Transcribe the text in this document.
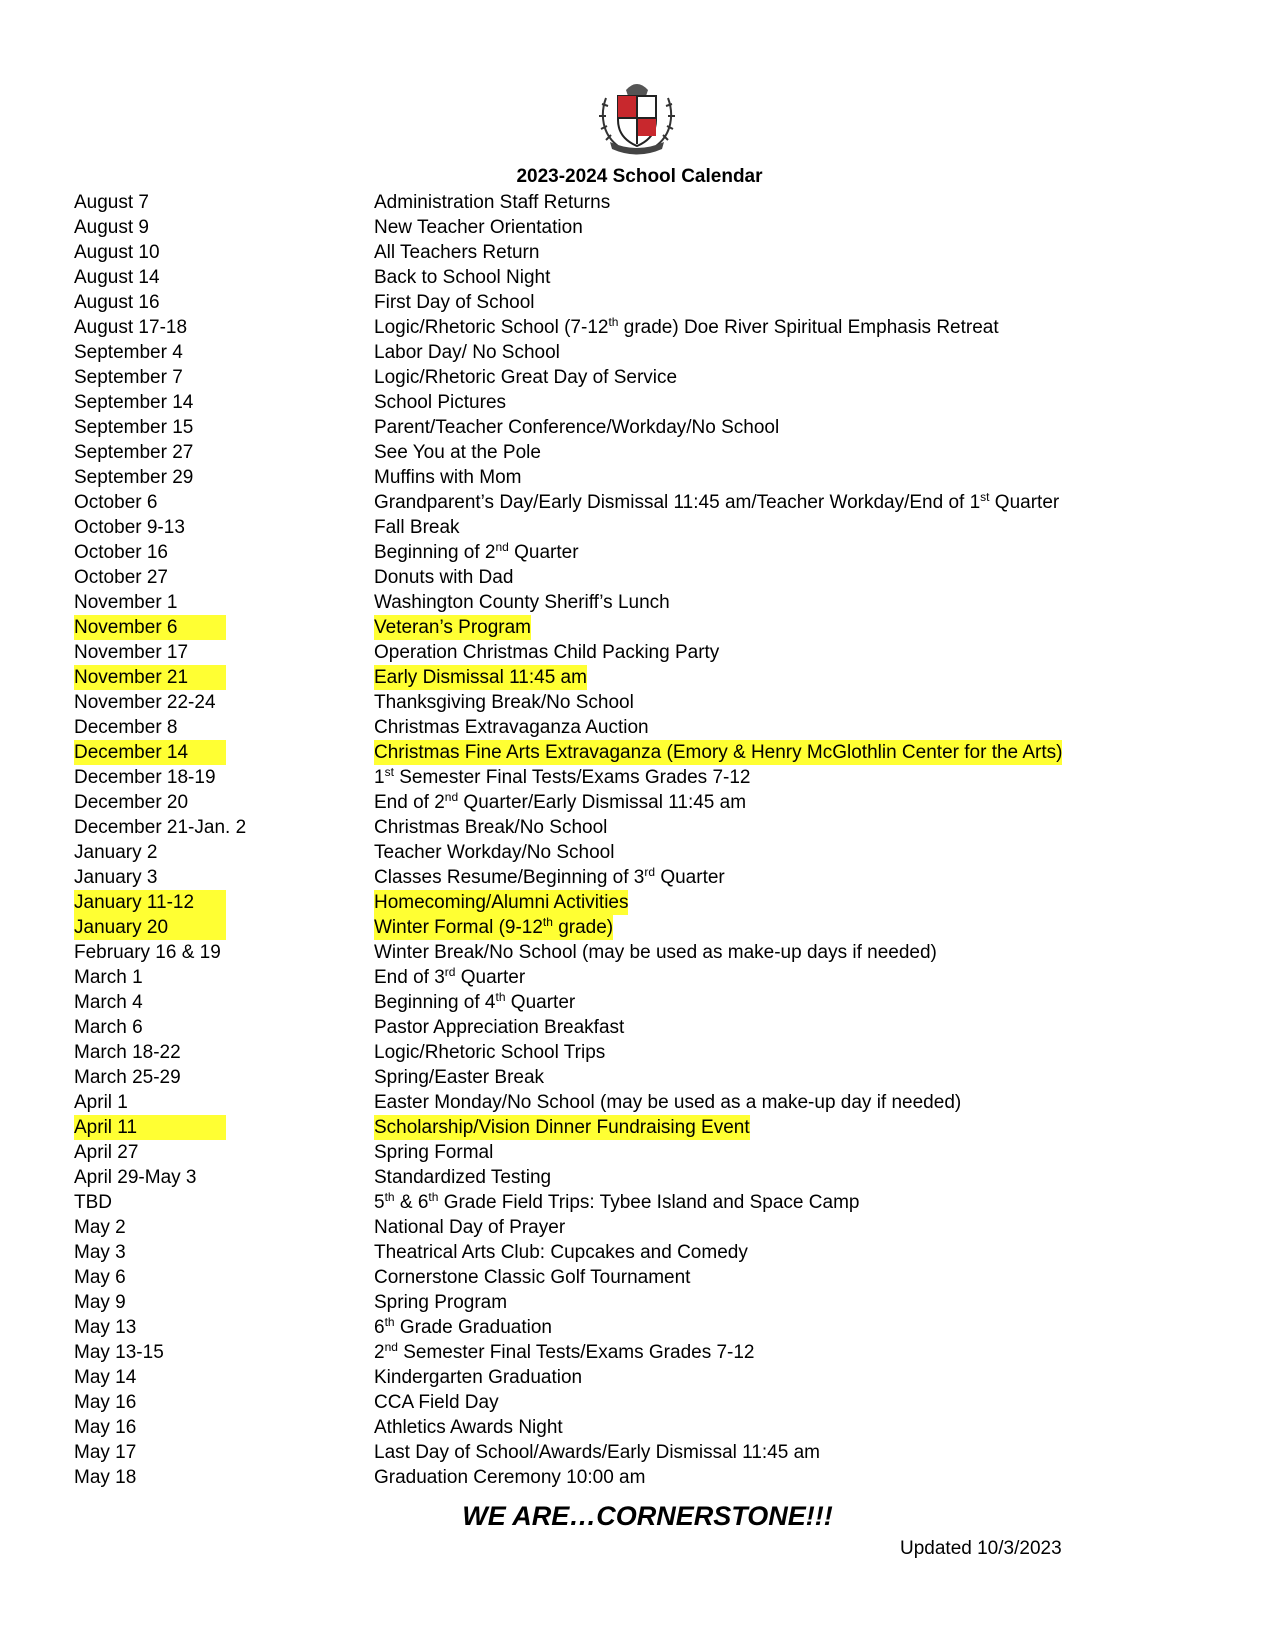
2023-2024 School Calendar
August 7	Administration Staff Returns
August 9	New Teacher Orientation
August 10	All Teachers Return
August 14	Back to School Night
August 16	First Day of School
August 17-18	Logic/Rhetoric School (7-12th grade) Doe River Spiritual Emphasis Retreat
September 4	Labor Day/ No School
September 7	Logic/Rhetoric Great Day of Service
September 14	School Pictures
September 15	Parent/Teacher Conference/Workday/No School
September 27	See You at the Pole
September 29	Muffins with Mom
October 6	Grandparent’s Day/Early Dismissal 11:45 am/Teacher Workday/End of 1st Quarter
October 9-13	Fall Break
October 16	Beginning of 2nd Quarter
October 27	Donuts with Dad
November 1	Washington County Sheriff’s Lunch
November 6	Veteran’s Program
November 17	Operation Christmas Child Packing Party
November 21	Early Dismissal 11:45 am
November 22-24	Thanksgiving Break/No School
December 8	Christmas Extravaganza Auction
December 14	Christmas Fine Arts Extravaganza (Emory & Henry McGlothlin Center for the Arts)
December 18-19	1st Semester Final Tests/Exams Grades 7-12
December 20	End of 2nd Quarter/Early Dismissal 11:45 am
December 21-Jan. 2	Christmas Break/No School
January 2	Teacher Workday/No School
January 3	Classes Resume/Beginning of 3rd Quarter
January 11-12	Homecoming/Alumni Activities
January 20	Winter Formal (9-12th grade)
February 16 & 19	Winter Break/No School (may be used as make-up days if needed)
March 1	End of 3rd Quarter
March 4	Beginning of 4th Quarter
March 6	Pastor Appreciation Breakfast
March 18-22	Logic/Rhetoric School Trips
March 25-29	Spring/Easter Break
April 1	Easter Monday/No School (may be used as a make-up day if needed)
April 11	Scholarship/Vision Dinner Fundraising Event
April 27	Spring Formal
April 29-May 3	Standardized Testing
TBD	5th & 6th Grade Field Trips: Tybee Island and Space Camp
May 2	National Day of Prayer
May 3	Theatrical Arts Club: Cupcakes and Comedy
May 6	Cornerstone Classic Golf Tournament
May 9	Spring Program
May 13	6th Grade Graduation
May 13-15	2nd Semester Final Tests/Exams Grades 7-12
May 14	Kindergarten Graduation
May 16	CCA Field Day
May 16	Athletics Awards Night
May 17	Last Day of School/Awards/Early Dismissal 11:45 am
May 18	Graduation Ceremony 10:00 am
WE ARE…CORNERSTONE!!!
Updated 10/3/2023
